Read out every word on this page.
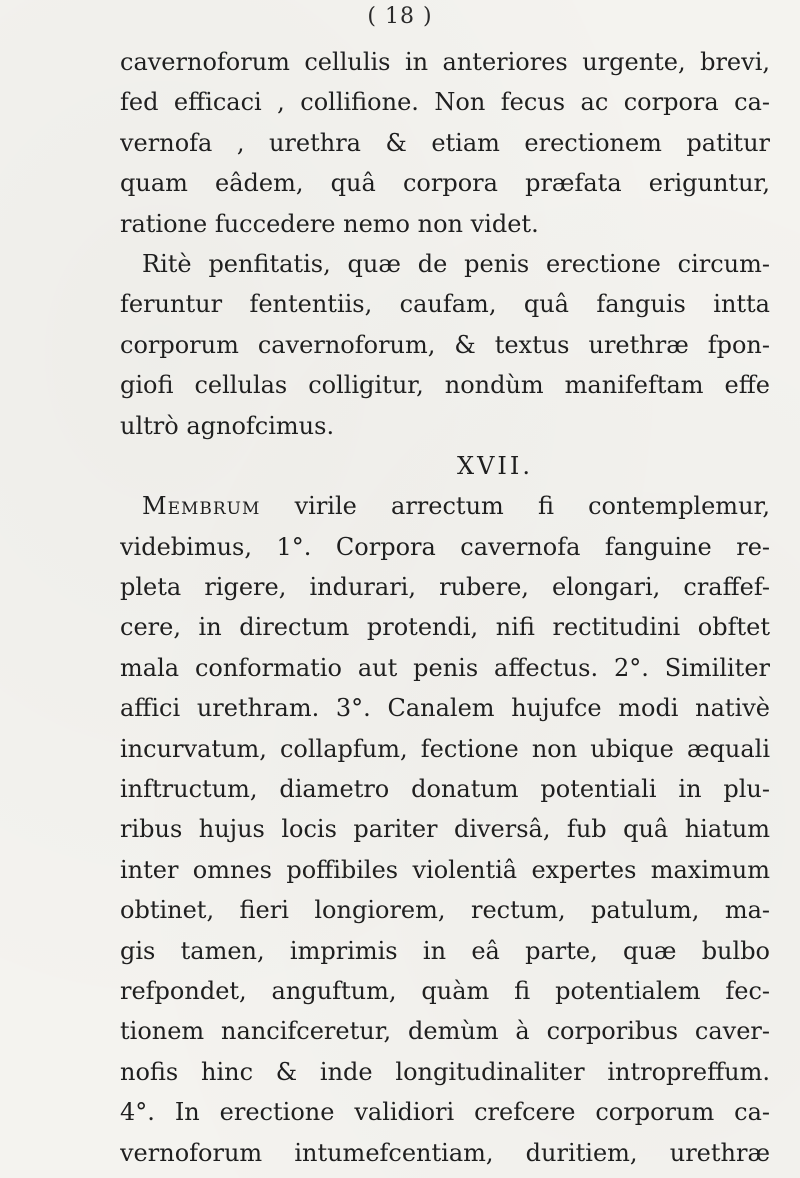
( 18 )
cavernoforum cellulis in anteriores urgente, brevi,
fed efficaci , collifione. Non fecus ac corpora ca-
vernofa , urethra & etiam erectionem patitur
quam eâdem, quâ corpora præfata eriguntur,
ratione fuccedere nemo non videt.
Ritè penfitatis, quæ de penis erectione circum-
feruntur fententiis, caufam, quâ fanguis intta
corporum cavernoforum, & textus urethræ fpon-
giofi cellulas colligitur, nondùm manifeftam effe
ultrò agnofcimus.
XVII.
Membrum virile arrectum fi contemplemur,
videbimus, 1°. Corpora cavernofa fanguine re-
pleta rigere, indurari, rubere, elongari, craffef-
cere, in directum protendi, nifi rectitudini obftet
mala conformatio aut penis affectus. 2°. Similiter
affici urethram. 3°. Canalem hujufce modi nativè
incurvatum, collapfum, fectione non ubique æquali
inftructum, diametro donatum potentiali in plu-
ribus hujus locis pariter diversâ, fub quâ hiatum
inter omnes poffibiles violentiâ expertes maximum
obtinet, fieri longiorem, rectum, patulum, ma-
gis tamen, imprimis in eâ parte, quæ bulbo
refpondet, anguftum, quàm fi potentialem fec-
tionem nancifceretur, demùm à corporibus caver-
nofis hinc & inde longitudinaliter intropreffum.
4°. In erectione validiori crefcere corporum ca-
vernoforum intumefcentiam, duritiem, urethræ
